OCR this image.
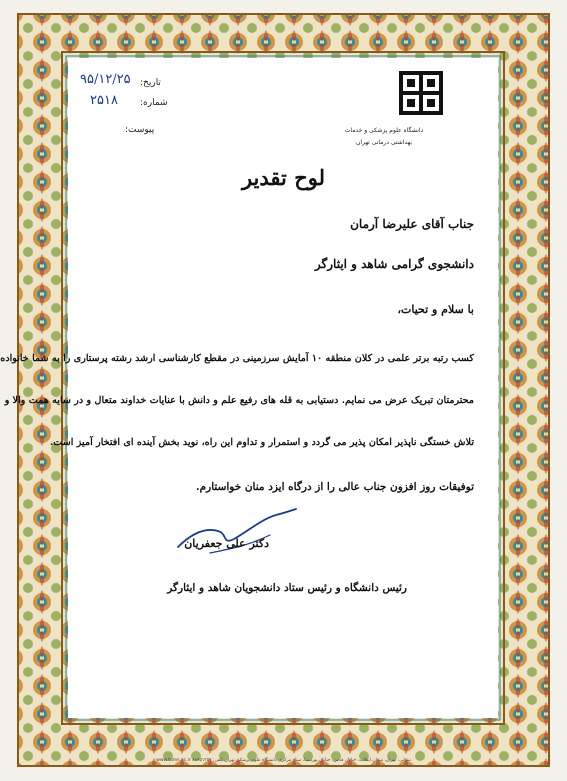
دانشگاه علوم پزشکی و خدمات
بهداشتی درمانی تهران
تاریخ:
۹۵/۱۲/۲۵
شماره:
۲۵۱۸
پیوست:
لوح تقدیر
جناب آقای علیرضا آرمان
دانشجوی گرامی شاهد و ایثارگر
با سلام و تحیات،
کسب رتبه برتر علمی در کلان منطقه ۱۰ آمایش سرزمینی در مقطع کارشناسی ارشد رشته پرستاری را به شما خانواده
محترمتان تبریک عرض می نمایم. دستیابی به قله های رفیع علم و دانش با عنایات خداوند متعال و در سایه همت والا و
تلاش خستگی ناپذیر امکان پذیر می گردد و استمرار و تداوم این راه، نوید بخش آینده ای افتخار آمیز است.
توفیقات روز افزون جناب عالی را از درگاه ایزد منان خواستارم.
دکتر علی جعفریان
رئیس دانشگاه و رئیس ستاد دانشجویان شاهد و ایثارگر
نشانی: تهران، میدان انقلاب، خیابان قدس، خیابان پورسینا، ستاد مرکزی دانشگاه علوم پزشکی تهران تلفن: ۸۸۹۵۱۳۵۷ www.tums.ac.ir
